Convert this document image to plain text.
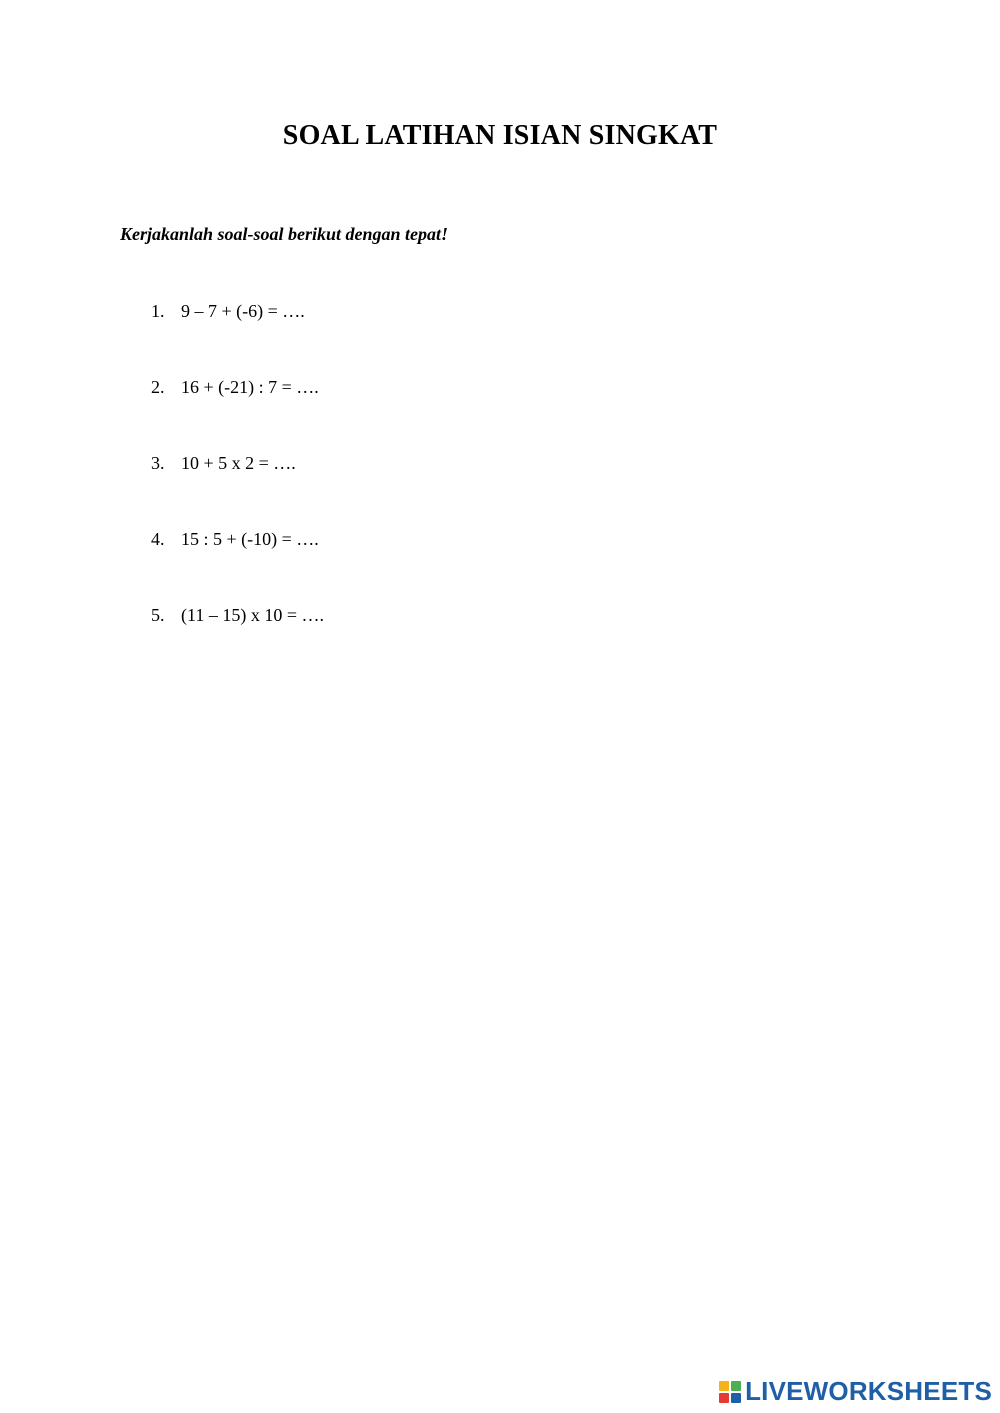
SOAL LATIHAN ISIAN SINGKAT

Kerjakanlah soal-soal berikut dengan tepat!

1. 9 – 7 + (-6) = ….
2. 16 + (-21) : 7 = ….
3. 10 + 5 x 2 = ….
4. 15 : 5 + (-10) = ….
5. (11 – 15) x 10 = ….
LIVEWORKSHEETS
